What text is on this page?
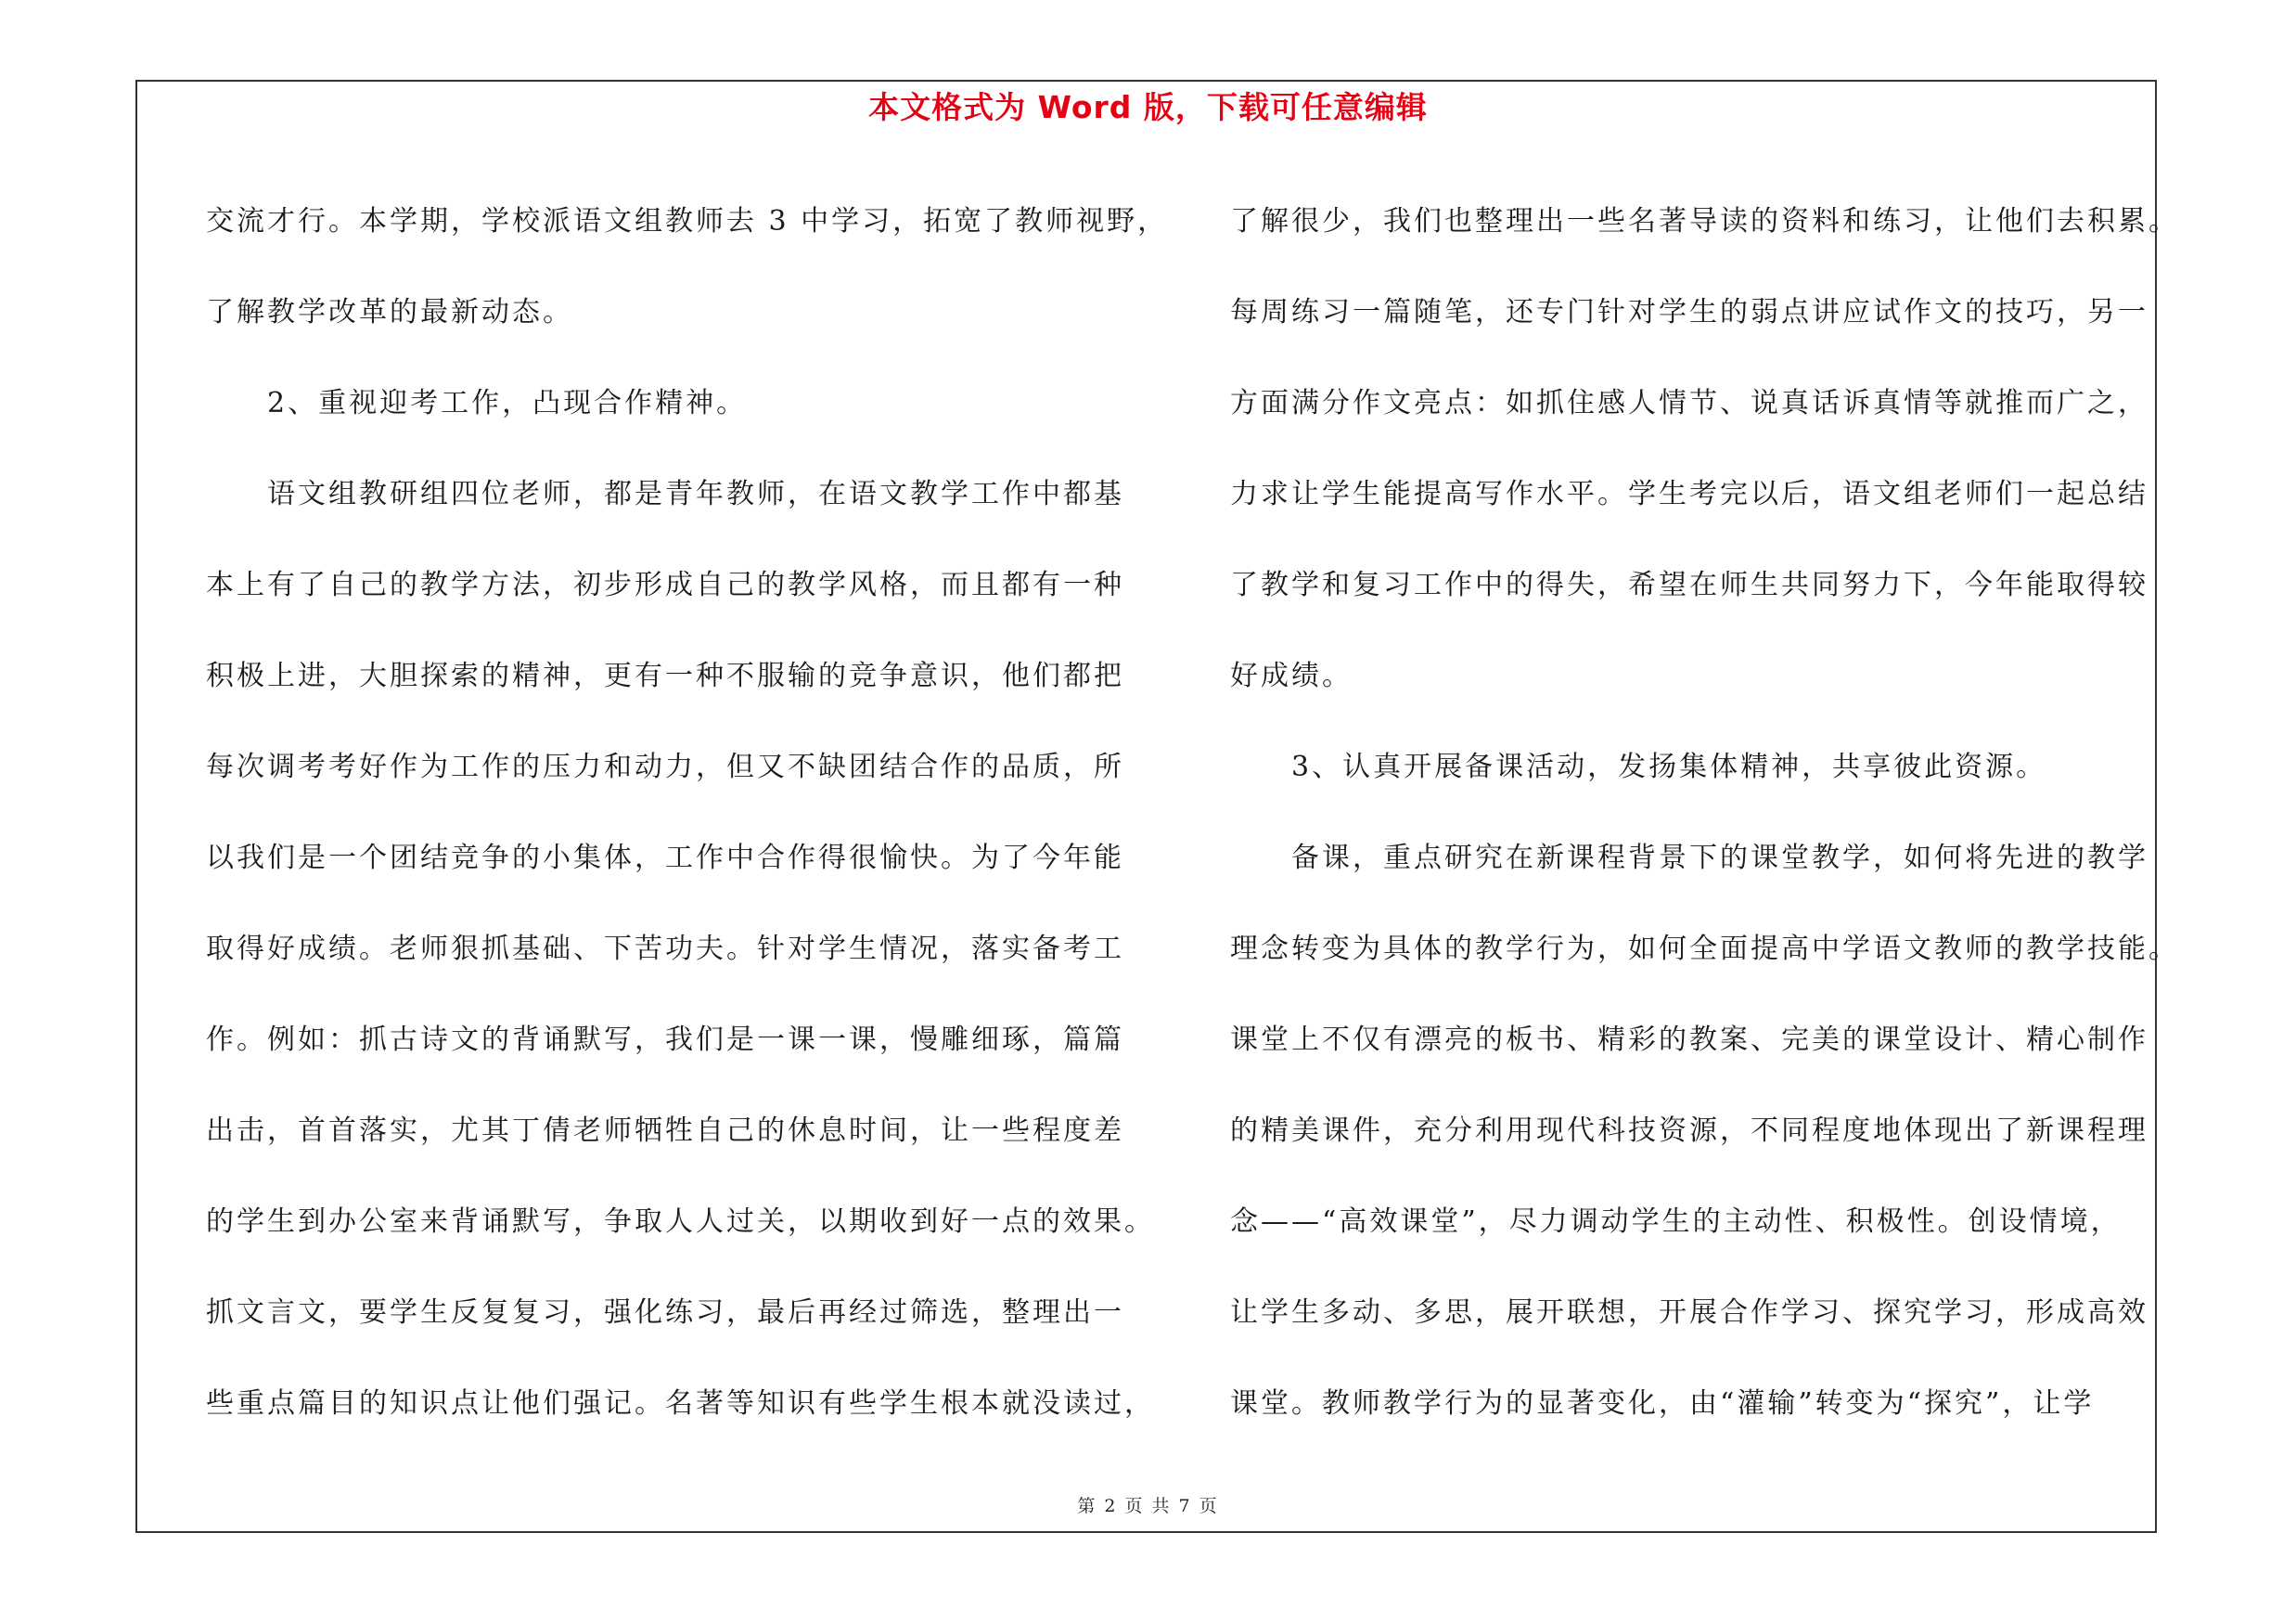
本文格式为 Word 版，下载可任意编辑
交流才行。本学期，学校派语文组教师去 3 中学习，拓宽了教师视野，
了解教学改革的最新动态。
2、重视迎考工作，凸现合作精神。
语文组教研组四位老师，都是青年教师，在语文教学工作中都基
本上有了自己的教学方法，初步形成自己的教学风格，而且都有一种
积极上进，大胆探索的精神，更有一种不服输的竞争意识，他们都把
每次调考考好作为工作的压力和动力，但又不缺团结合作的品质，所
以我们是一个团结竞争的小集体，工作中合作得很愉快。为了今年能
取得好成绩。老师狠抓基础、下苦功夫。针对学生情况，落实备考工
作。例如：抓古诗文的背诵默写，我们是一课一课，慢雕细琢，篇篇
出击，首首落实，尤其丁倩老师牺牲自己的休息时间，让一些程度差
的学生到办公室来背诵默写，争取人人过关，以期收到好一点的效果。
抓文言文，要学生反复复习，强化练习，最后再经过筛选，整理出一
些重点篇目的知识点让他们强记。名著等知识有些学生根本就没读过，
了解很少，我们也整理出一些名著导读的资料和练习，让他们去积累。
每周练习一篇随笔，还专门针对学生的弱点讲应试作文的技巧，另一
方面满分作文亮点：如抓住感人情节、说真话诉真情等就推而广之，
力求让学生能提高写作水平。学生考完以后，语文组老师们一起总结
了教学和复习工作中的得失，希望在师生共同努力下，今年能取得较
好成绩。
3、认真开展备课活动，发扬集体精神，共享彼此资源。
备课，重点研究在新课程背景下的课堂教学，如何将先进的教学
理念转变为具体的教学行为，如何全面提高中学语文教师的教学技能。
课堂上不仅有漂亮的板书、精彩的教案、完美的课堂设计、精心制作
的精美课件，充分利用现代科技资源，不同程度地体现出了新课程理
念——“高效课堂”，尽力调动学生的主动性、积极性。创设情境，
让学生多动、多思，展开联想，开展合作学习、探究学习，形成高效
课堂。教师教学行为的显著变化，由“灌输”转变为“探究”，让学
第 2 页 共 7 页
